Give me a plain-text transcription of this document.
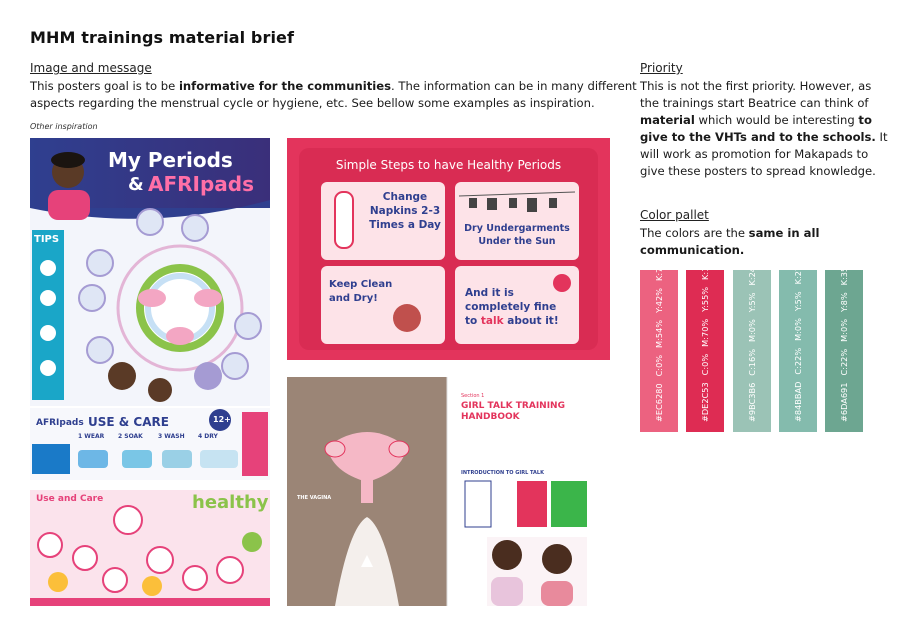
MHM trainings material brief
Image and message
This posters goal is to be informative for the communities. The information can be in many different
aspects regarding the menstrual cycle or hygiene, etc. See bellow some examples as inspiration.
Other inspiration
Priority
This is not the first priority. However, as
the trainings start Beatrice can think of
material which would be interesting to
give to the VHTs and to the schools. It
will work as promotion for Makapads to
give these posters to spread knowledge.
Color pallet
The colors are the same in all
communication.
#EC6280
C:0%
M:54%
Y:42%
K:7%
#DE2C53
C:0%
M:70%
Y:55%
K:13%
#9BC3B6
C:16%
M:0%
Y:5%
K:24%
#84BBAD
C:22%
M:0%
Y:5%
K:27%
#6DA691
C:22%
M:0%
Y:8%
K:35%
My Periods
& AFRIpads
TIPS
AFRIpads USE & CARE
1 WEAR 2 SOAK	3 WASH 4 DRY
12+
Use and Care	healthy
Simple Steps to have Healthy Periods
Change Napkins 2-3 Times a Day	Dry Undergarments Under the Sun
Keep Clean and Dry!	And it is completely fine to talk about it!
THE VAGINA
Section 1
GIRL TALK TRAINING
HANDBOOK
INTRODUCTION TO GIRL TALK
